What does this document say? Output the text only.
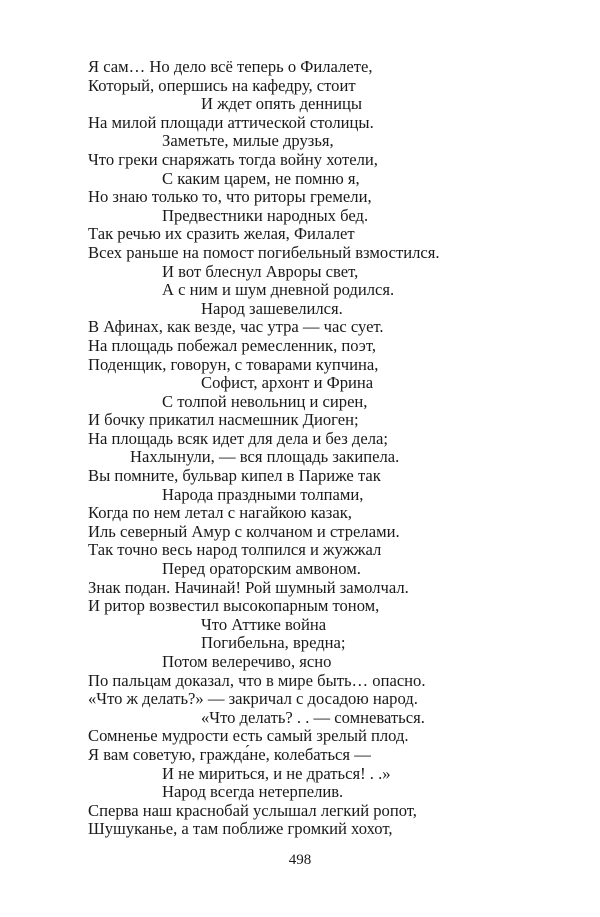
Я сам… Но дело всё теперь о Филалете,
Который, опершись на кафедру, стоит
И ждет опять денницы
На милой площади аттической столицы.
Заметьте, милые друзья,
Что греки снаряжать тогда войну хотели,
С каким царем, не помню я,
Но знаю только то, что риторы гремели,
Предвестники народных бед.
Так речью их сразить желая, Филалет
Всех раньше на помост погибельный взмостился.
И вот блеснул Авроры свет,
А с ним и шум дневной родился.
Народ зашевелился.
В Афинах, как везде, час утра — час сует.
На площадь побежал ремесленник, поэт,
Поденщик, говорун, с товарами купчина,
Софист, архонт и Фрина
С толпой невольниц и сирен,
И бочку прикатил насмешник Диоген;
На площадь всяк идет для дела и без дела;
Нахлынули, — вся площадь закипела.
Вы помните, бульвар кипел в Париже так
Народа праздными толпами,
Когда по нем летал с нагайкою казак,
Иль северный Амур с колчаном и стрелами.
Так точно весь народ толпился и жужжал
Перед ораторским амвоном.
Знак подан. Начинай! Рой шумный замолчал.
И ритор возвестил высокопарным тоном,
Что Аттике война
Погибельна, вредна;
Потом велеречиво, ясно
По пальцам доказал, что в мире быть… опасно.
«Что ж делать?» — закричал с досадою народ.
«Что делать? . . — сомневаться.
Сомненье мудрости есть самый зрелый плод.
Я вам советую, гражда́не, колебаться —
И не мириться, и не драться! . .»
Народ всегда нетерпелив.
Сперва наш краснобай услышал легкий ропот,
Шушуканье, а там поближе громкий хохот,
498
